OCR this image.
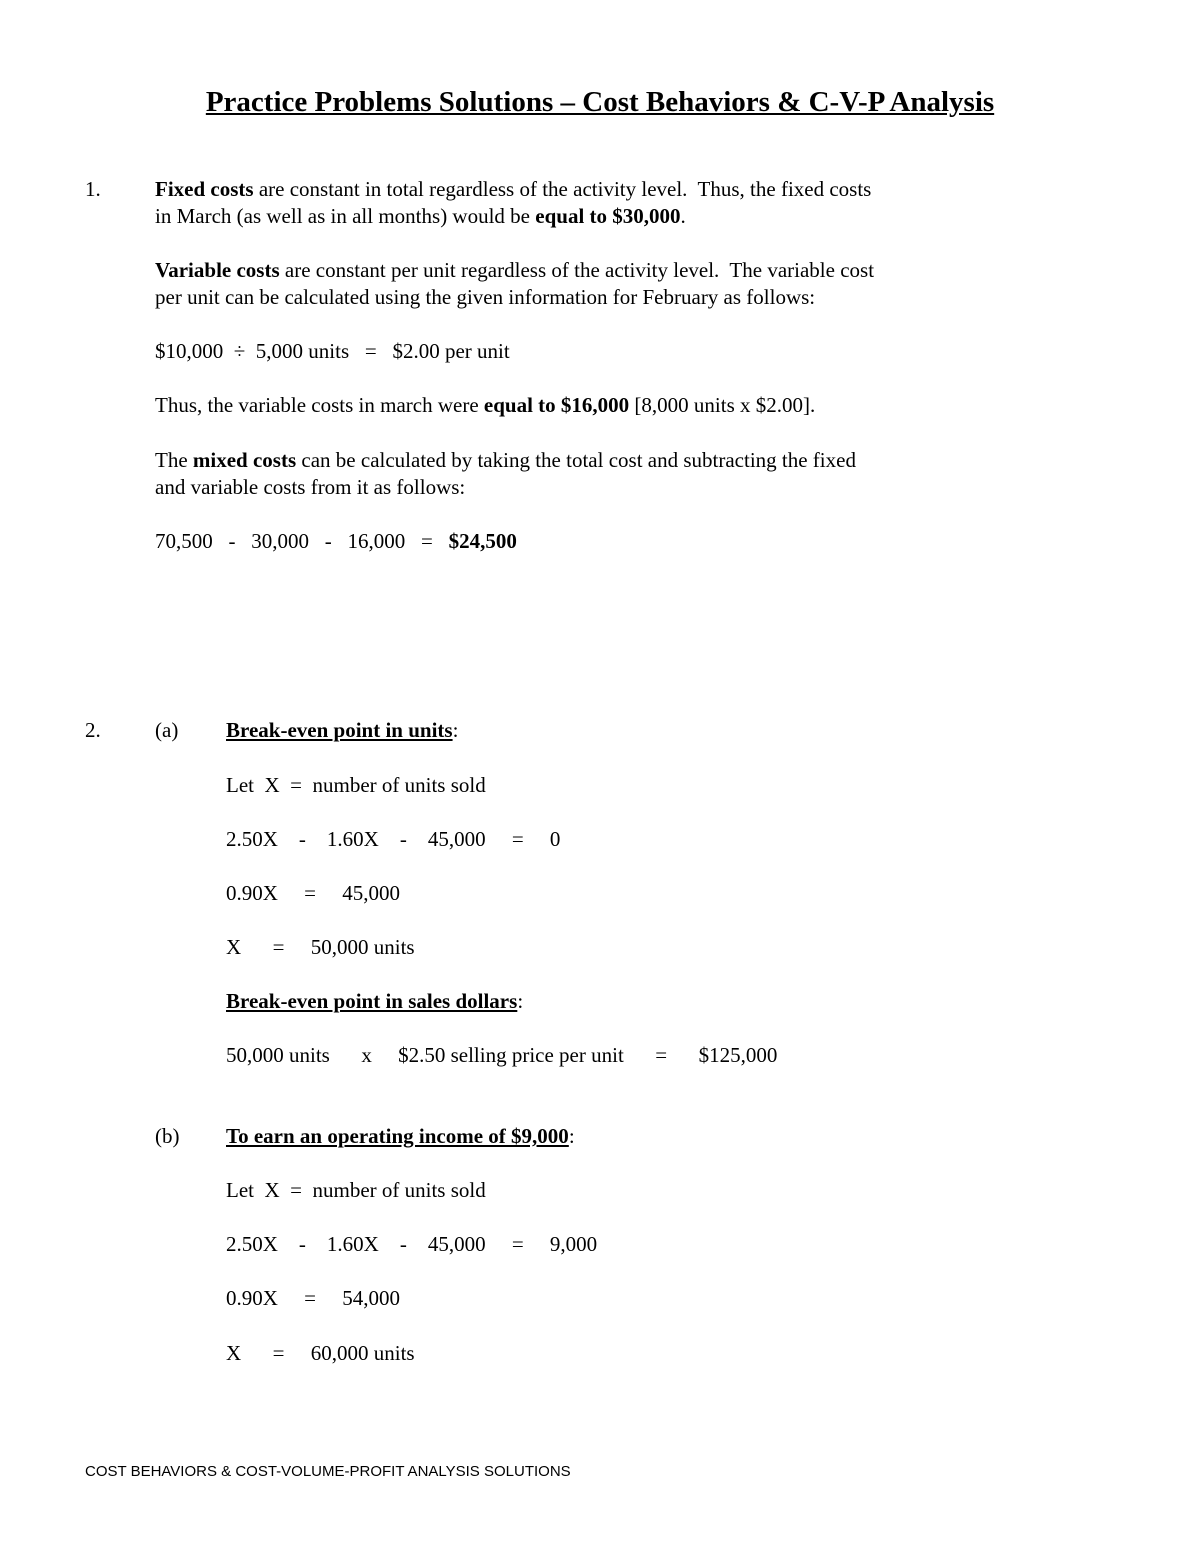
Practice Problems Solutions – Cost Behaviors & C-V-P Analysis
1.	Fixed costs are constant in total regardless of the activity level.  Thus, the fixed costs
in March (as well as in all months) would be equal to $30,000.
Variable costs are constant per unit regardless of the activity level.  The variable cost
per unit can be calculated using the given information for February as follows:
$10,000  ÷  5,000 units   =   $2.00 per unit
Thus, the variable costs in march were equal to $16,000 [8,000 units x $2.00].
The mixed costs can be calculated by taking the total cost and subtracting the fixed
and variable costs from it as follows:
70,500   -   30,000   -   16,000   =   $24,500
2.	(a) Break-even point in units:
Let  X  =  number of units sold
2.50X    -    1.60X    -    45,000     =     0
0.90X     =     45,000
X      =     50,000 units
Break-even point in sales dollars:
50,000 units      x     $2.50 selling price per unit      =      $125,000
(b) To earn an operating income of $9,000:
Let  X  =  number of units sold
2.50X    -    1.60X    -    45,000     =     9,000
0.90X     =     54,000
X      =     60,000 units
COST BEHAVIORS & COST-VOLUME-PROFIT ANALYSIS SOLUTIONS
